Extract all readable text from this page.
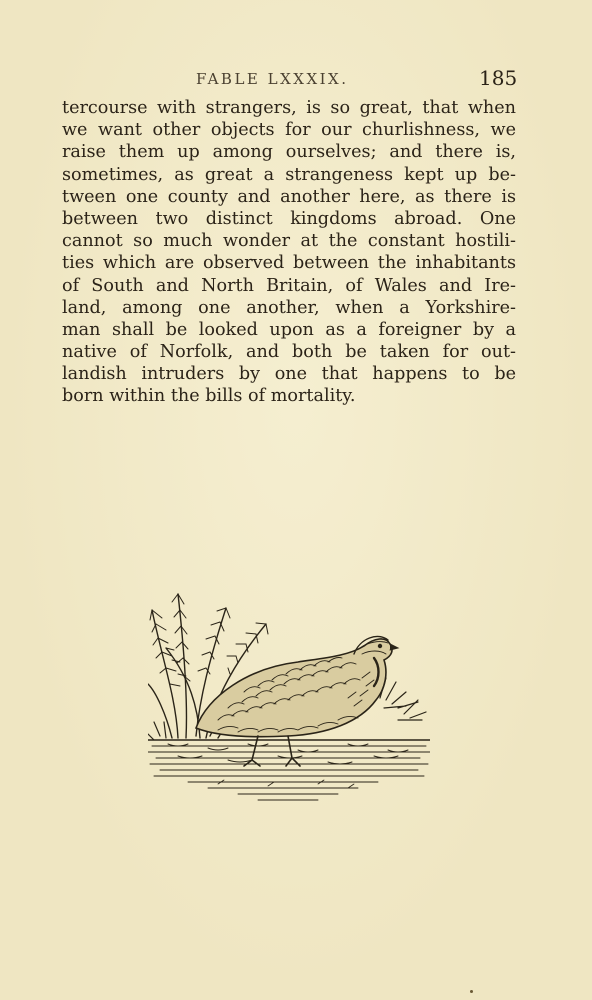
FABLE LXXXIX.	185
tercourse with strangers, is so great, that when
we want other objects for our churlishness, we
raise them up among ourselves; and there is,
sometimes, as great a strangeness kept up be-
tween one county and another here, as there is
between two distinct kingdoms abroad. One
cannot so much wonder at the constant hostili-
ties which are observed between the inhabitants
of South and North Britain, of Wales and Ire-
land, among one another, when a Yorkshire-
man shall be looked upon as a foreigner by a
native of Norfolk, and both be taken for out-
landish intruders by one that happens to be
born within the bills of mortality.
